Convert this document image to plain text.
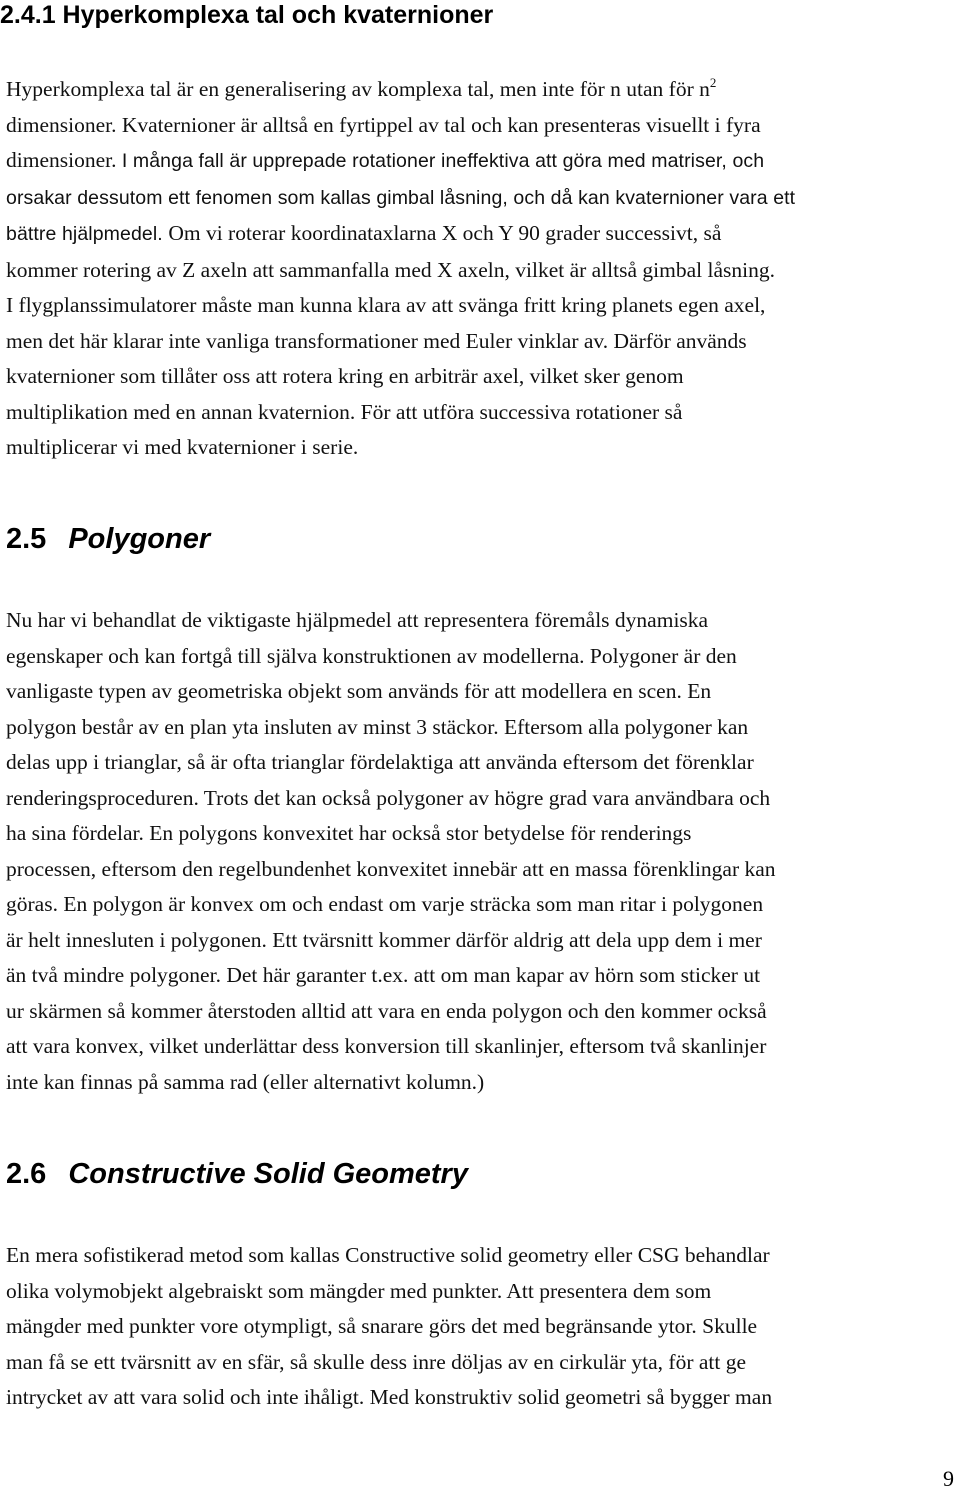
2.4.1 Hyperkomplexa tal och kvaternioner

Hyperkomplexa tal är en generalisering av komplexa tal, men inte för n utan för $n^2$
dimensioner. Kvaternioner är alltså en fyrtippel av tal och kan presenteras visuellt i fyra
dimensioner. I många fall är upprepade rotationer ineffektiva att göra med matriser, och
orsakar dessutom ett fenomen som kallas gimbal låsning, och då kan kvaternioner vara ett
bättre hjälpmedel. Om vi roterar koordinataxlarna X och Y 90 grader successivt, så
kommer rotering av Z axeln att sammanfalla med X axeln, vilket är alltså gimbal låsning.
I flygplanssimulatorer måste man kunna klara av att svänga fritt kring planets egen axel,
men det här klarar inte vanliga transformationer med Euler vinklar av. Därför används
kvaternioner som tillåter oss att rotera kring en arbiträr axel, vilket sker genom
multiplikation med en annan kvaternion. För att utföra successiva rotationer så
multiplicerar vi med kvaternioner i serie.

2.5 Polygoner

Nu har vi behandlat de viktigaste hjälpmedel att representera föremåls dynamiska
egenskaper och kan fortgå till själva konstruktionen av modellerna. Polygoner är den
vanligaste typen av geometriska objekt som används för att modellera en scen. En
polygon består av en plan yta insluten av minst 3 stäckor. Eftersom alla polygoner kan
delas upp i trianglar, så är ofta trianglar fördelaktiga att använda eftersom det förenklar
renderingsproceduren. Trots det kan också polygoner av högre grad vara användbara och
ha sina fördelar. En polygons konvexitet har också stor betydelse för renderings
processen, eftersom den regelbundenhet konvexitet innebär att en massa förenklingar kan
göras. En polygon är konvex om och endast om varje sträcka som man ritar i polygonen
är helt innesluten i polygonen. Ett tvärsnitt kommer därför aldrig att dela upp dem i mer
än två mindre polygoner. Det här garanter t.ex. att om man kapar av hörn som sticker ut
ur skärmen så kommer återstoden alltid att vara en enda polygon och den kommer också
att vara konvex, vilket underlättar dess konversion till skanlinjer, eftersom två skanlinjer
inte kan finnas på samma rad (eller alternativt kolumn.)

2.6 Constructive Solid Geometry

En mera sofistikerad metod som kallas Constructive solid geometry eller CSG behandlar
olika volymobjekt algebraiskt som mängder med punkter. Att presentera dem som
mängder med punkter vore otympligt, så snarare görs det med begränsande ytor. Skulle
man få se ett tvärsnitt av en sfär, så skulle dess inre döljas av en cirkulär yta, för att ge
intrycket av att vara solid och inte ihåligt. Med konstruktiv solid geometri så bygger man

9
